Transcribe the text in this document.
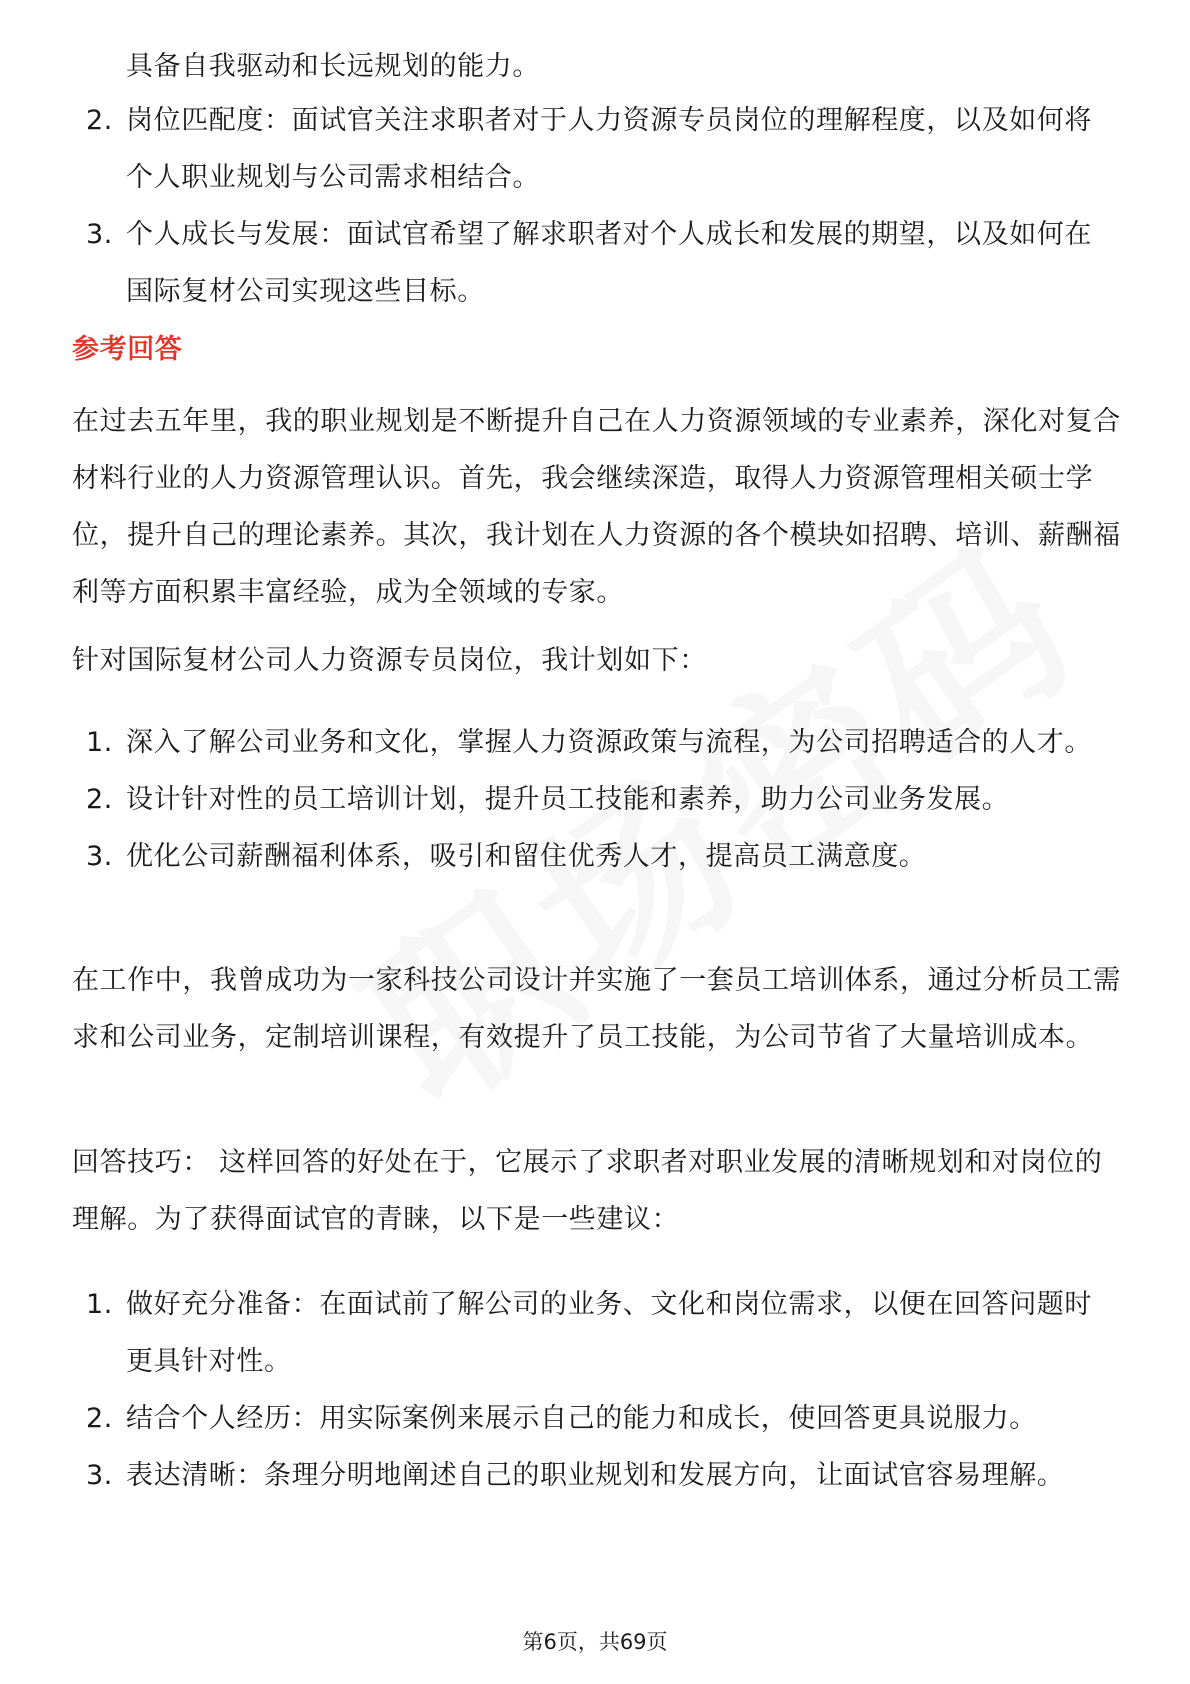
具备自我驱动和长远规划的能力。
2. 岗位匹配度：面试官关注求职者对于人力资源专员岗位的理解程度，以及如何将个人职业规划与公司需求相结合。
3. 个人成长与发展：面试官希望了解求职者对个人成长和发展的期望，以及如何在国际复材公司实现这些目标。
参考回答

在过去五年里，我的职业规划是不断提升自己在人力资源领域的专业素养，深化对复合材料行业的人力资源管理认识。首先，我会继续深造，取得人力资源管理相关硕士学位，提升自己的理论素养。其次，我计划在人力资源的各个模块如招聘、培训、薪酬福利等方面积累丰富经验，成为全领域的专家。

针对国际复材公司人力资源专员岗位，我计划如下：

1. 深入了解公司业务和文化，掌握人力资源政策与流程，为公司招聘适合的人才。
2. 设计针对性的员工培训计划，提升员工技能和素养，助力公司业务发展。
3. 优化公司薪酬福利体系，吸引和留住优秀人才，提高员工满意度。

在工作中，我曾成功为一家科技公司设计并实施了一套员工培训体系，通过分析员工需求和公司业务，定制培训课程，有效提升了员工技能，为公司节省了大量培训成本。

回答技巧： 这样回答的好处在于，它展示了求职者对职业发展的清晰规划和对岗位的理解。为了获得面试官的青睐，以下是一些建议：

1. 做好充分准备：在面试前了解公司的业务、文化和岗位需求，以便在回答问题时更具针对性。
2. 结合个人经历：用实际案例来展示自己的能力和成长，使回答更具说服力。
3. 表达清晰：条理分明地阐述自己的职业规划和发展方向，让面试官容易理解。
第6页，共69页
